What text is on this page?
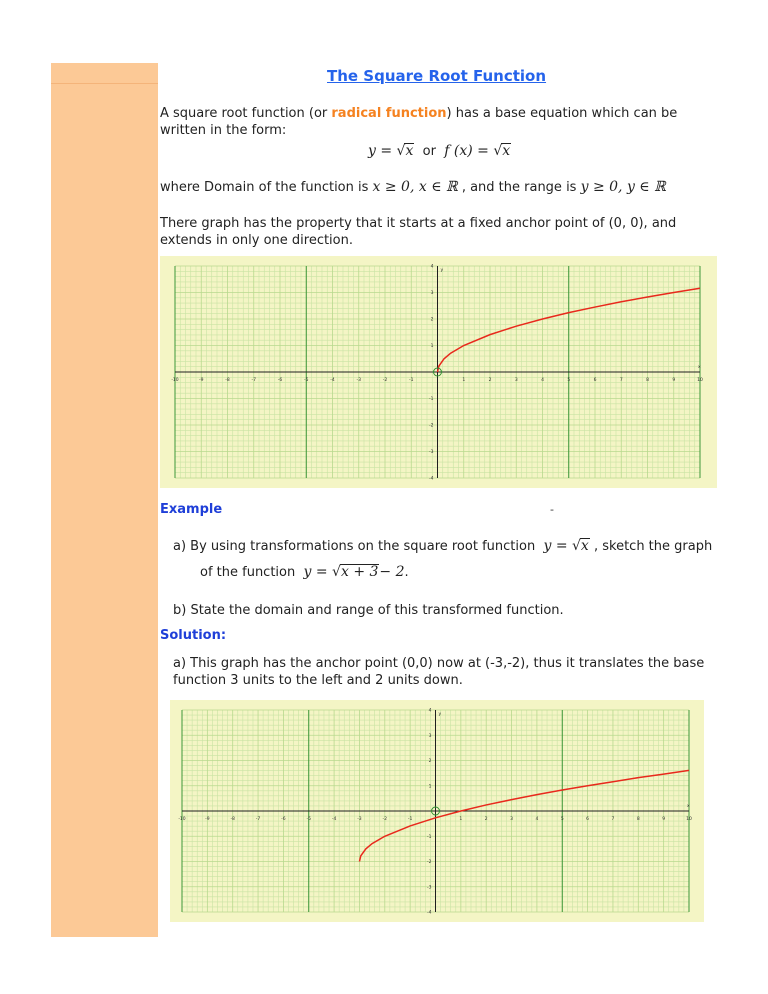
The Square Root Function
A square root function (or radical function) has a base equation which can be written in the form:
y = √x or f (x) = √x
where Domain of the function is x ≥ 0, x ∈ ℝ , and the range is y ≥ 0, y ∈ ℝ
There graph has the property that it starts at a fixed anchor point of (0, 0), and extends in only one direction.
-10	-9	-8	-7	-6	-5	-4	-3	-2	-1	1	2	3	4	5	6	7	8	9	10
-4
-3
-2
-1
1
2
3
4
x
y
Example	-
a) By using transformations on the square root function y = √x , sketch the graph
of the function y = √x + 3− 2.
b) State the domain and range of this transformed function.
Solution:
a) This graph has the anchor point (0,0) now at (-3,-2), thus it translates the base function 3 units to the left and 2 units down.
-10	-9	-8	-7	-6	-5	-4	-3	-2	-1	1	2	3	4	5	6	7	8	9	10
-4
-3
-2
-1
1
2
3
4
x
y
